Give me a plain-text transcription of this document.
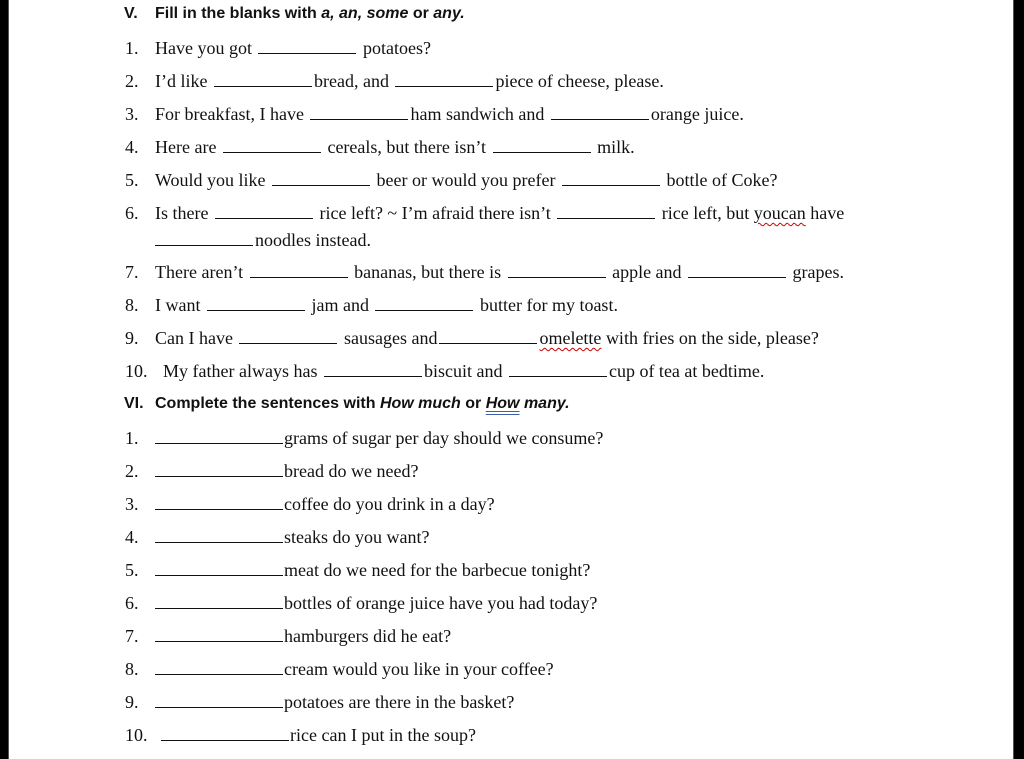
V. Fill in the blanks with a, an, some or any.
1. Have you got	potatoes?
2. I’d like	bread, and	piece of cheese, please.
3. For breakfast, I have	ham sandwich and	orange juice.
4. Here are	cereals, but there isn’t	milk.
5. Would you like	beer or would you prefer	bottle of Coke?
6. Is there	rice left? ~ I’m afraid there isn’t	rice left, but youcan have
noodles instead.
7. There aren’t	bananas, but there is	apple and	grapes.
8. I want	jam and	butter for my toast.
9. Can I have	sausages and	omelette with fries on the side, please?
10. My father always has	biscuit and	cup of tea at bedtime.
VI. Complete the sentences with How much or How many.
1.	grams of sugar per day should we consume?
2.	bread do we need?
3.	coffee do you drink in a day?
4.	steaks do you want?
5.	meat do we need for the barbecue tonight?
6.	bottles of orange juice have you had today?
7.	hamburgers did he eat?
8.	cream would you like in your coffee?
9.	potatoes are there in the basket?
10.	rice can I put in the soup?
